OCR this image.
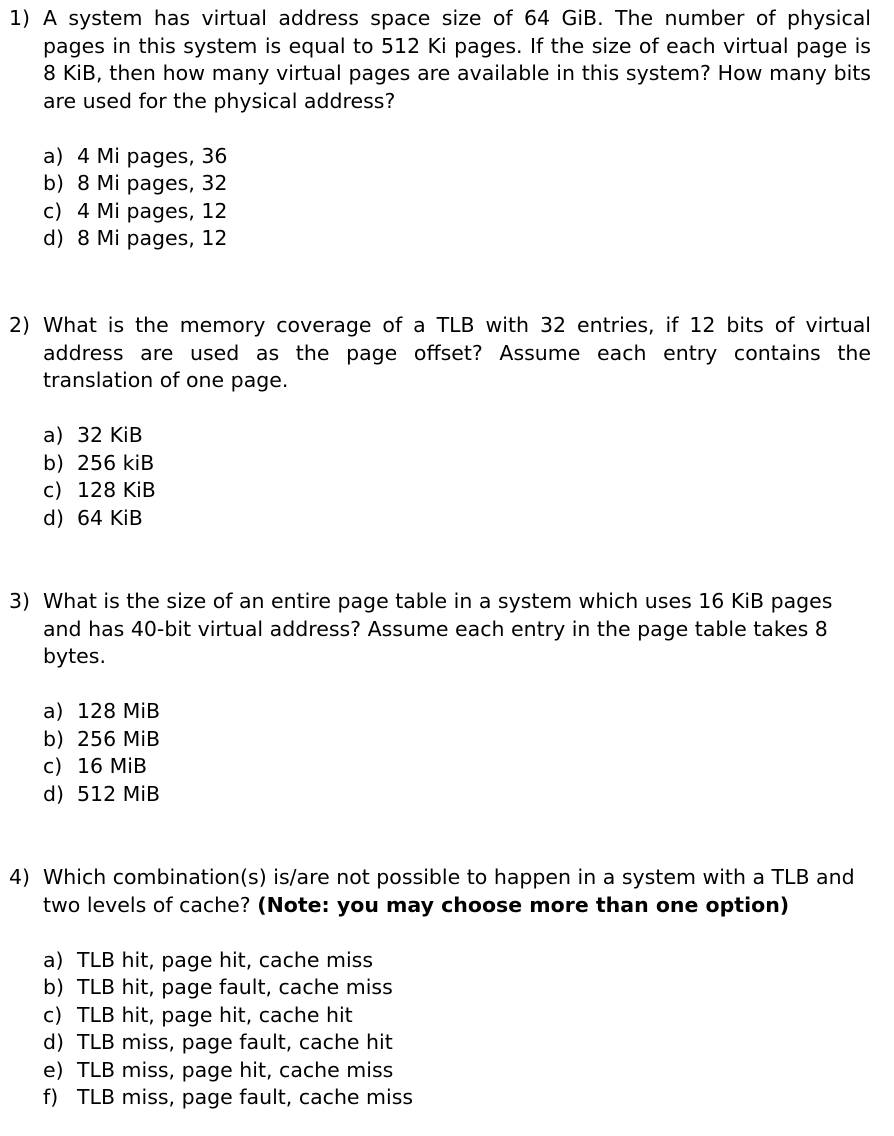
1) A system has virtual address space size of 64 GiB. The number of physical pages in this system is equal to 512 Ki pages. If the size of each virtual page is 8 KiB, then how many virtual pages are available in this system? How many bits are used for the physical address?
a) 4 Mi pages, 36
b) 8 Mi pages, 32
c) 4 Mi pages, 12
d) 8 Mi pages, 12
2) What is the memory coverage of a TLB with 32 entries, if 12 bits of virtual address are used as the page offset? Assume each entry contains the translation of one page.
a) 32 KiB
b) 256 kiB
c) 128 KiB
d) 64 KiB
3) What is the size of an entire page table in a system which uses 16 KiB pages and has 40-bit virtual address? Assume each entry in the page table takes 8 bytes.
a) 128 MiB
b) 256 MiB
c) 16 MiB
d) 512 MiB
4) Which combination(s) is/are not possible to happen in a system with a TLB and two levels of cache? (Note: you may choose more than one option)
a) TLB hit, page hit, cache miss
b) TLB hit, page fault, cache miss
c) TLB hit, page hit, cache hit
d) TLB miss, page fault, cache hit
e) TLB miss, page hit, cache miss
f) TLB miss, page fault, cache miss
